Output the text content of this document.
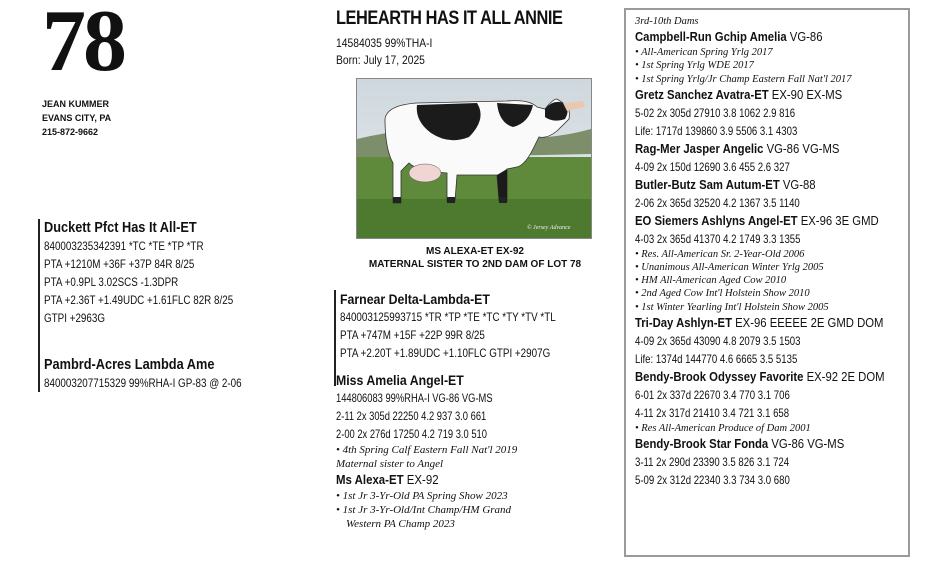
78
JEAN KUMMER
EVANS CITY, PA
215-872-9662
Duckett Pfct Has It All-ET
840003235342391 *TC *TE *TP *TR
PTA +1210M +36F +37P 84R 8/25
PTA +0.9PL 3.02SCS -1.3DPR
PTA +2.36T +1.49UDC +1.61FLC 82R 8/25
GTPI +2963G
Pambrd-Acres Lambda Ame
840003207715329 99%RHA-I GP-83 @ 2-06
LEHEARTH HAS IT ALL ANNIE
14584035 99%THA-I
Born: July 17, 2025
© Jersey Advance
MS ALEXA-ET EX-92
MATERNAL SISTER TO 2ND DAM OF LOT 78
Farnear Delta-Lambda-ET
840003125993715 *TR *TP *TE *TC *TY *TV *TL
PTA +747M +15F +22P 99R 8/25
PTA +2.20T +1.89UDC +1.10FLC GTPI +2907G
Miss Amelia Angel-ET
144806083 99%RHA-I VG-86 VG-MS
2-11 2x 305d 22250 4.2 937 3.0 661
2-00 2x 276d 17250 4.2 719 3.0 510
• 4th Spring Calf Eastern Fall Nat'l 2019
Maternal sister to Angel
Ms Alexa-ET EX-92
• 1st Jr 3-Yr-Old PA Spring Show 2023
• 1st Jr 3-Yr-Old/Int Champ/HM Grand
Western PA Champ 2023
3rd-10th Dams
Campbell-Run Gchip Amelia VG-86
• All-American Spring Yrlg 2017
• 1st Spring Yrlg WDE 2017
• 1st Spring Yrlg/Jr Champ Eastern Fall Nat'l 2017
Gretz Sanchez Avatra-ET EX-90 EX-MS
5-02 2x 305d 27910 3.8 1062 2.9 816
Life: 1717d 139860 3.9 5506 3.1 4303
Rag-Mer Jasper Angelic VG-86 VG-MS
4-09 2x 150d 12690 3.6 455 2.6 327
Butler-Butz Sam Autum-ET VG-88
2-06 2x 365d 32520 4.2 1367 3.5 1140
EO Siemers Ashlyns Angel-ET EX-96 3E GMD
4-03 2x 365d 41370 4.2 1749 3.3 1355
• Res. All-American Sr. 2-Year-Old 2006
• Unanimous All-American Winter Yrlg 2005
• HM All-American Aged Cow 2010
• 2nd Aged Cow Int'l Holstein Show 2010
• 1st Winter Yearling Int'l Holstein Show 2005
Tri-Day Ashlyn-ET EX-96 EEEEE 2E GMD DOM
4-09 2x 365d 43090 4.8 2079 3.5 1503
Life: 1374d 144770 4.6 6665 3.5 5135
Bendy-Brook Odyssey Favorite EX-92 2E DOM
6-01 2x 337d 22670 3.4 770 3.1 706
4-11 2x 317d 21410 3.4 721 3.1 658
• Res All-American Produce of Dam 2001
Bendy-Brook Star Fonda VG-86 VG-MS
3-11 2x 290d 23390 3.5 826 3.1 724
5-09 2x 312d 22340 3.3 734 3.0 680
